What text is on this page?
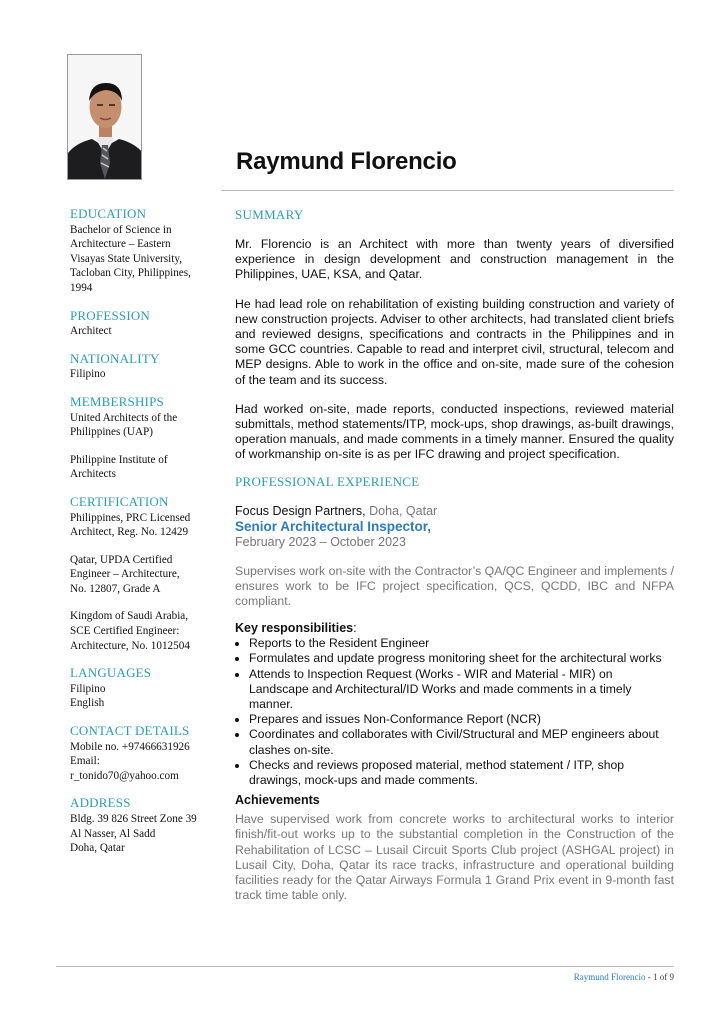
Raymund Florencio
EDUCATION
Bachelor of Science in
Architecture – Eastern
Visayas State University,
Tacloban City, Philippines,
1994
PROFESSION
Architect
NATIONALITY
Filipino
MEMBERSHIPS
United Architects of the
Philippines (UAP)
Philippine Institute of
Architects
CERTIFICATION
Philippines, PRC Licensed
Architect, Reg. No. 12429
Qatar, UPDA Certified
Engineer – Architecture,
No. 12807, Grade A
Kingdom of Saudi Arabia,
SCE Certified Engineer:
Architecture, No. 1012504
LANGUAGES
Filipino
English
CONTACT DETAILS
Mobile no. +97466631926
Email:
r_tonido70@yahoo.com
ADDRESS
Bldg. 39 826 Street Zone 39
Al Nasser, Al Sadd
Doha, Qatar
SUMMARY

Mr. Florencio is an Architect with more than twenty years of diversified experience in design development and construction management in the Philippines, UAE, KSA, and Qatar.

He had lead role on rehabilitation of existing building construction and variety of new construction projects. Adviser to other architects, had translated client briefs and reviewed designs, specifications and contracts in the Philippines and in some GCC countries. Capable to read and interpret civil, structural, telecom and MEP designs. Able to work in the office and on-site, made sure of the cohesion of the team and its success.

Had worked on-site, made reports, conducted inspections, reviewed material submittals, method statements/ITP, mock-ups, shop drawings, as-built drawings, operation manuals, and made comments in a timely manner. Ensured the quality of workmanship on-site is as per IFC drawing and project specification.

PROFESSIONAL EXPERIENCE
Focus Design Partners, Doha, Qatar
Senior Architectural Inspector,
February 2023 – October 2023

Supervises work on-site with the Contractor’s QA/QC Engineer and implements / ensures work to be IFC project specification, QCS, QCDD, IBC and NFPA compliant.

Key responsibilities:
• Reports to the Resident Engineer
• Formulates and update progress monitoring sheet for the architectural works
• Attends to Inspection Request (Works - WIR and Material - MIR) on Landscape and Architectural/ID Works and made comments in a timely manner.
• Prepares and issues Non-Conformance Report (NCR)
• Coordinates and collaborates with Civil/Structural and MEP engineers about clashes on-site.
• Checks and reviews proposed material, method statement / ITP, shop drawings, mock-ups and made comments.
Achievements

Have supervised work from concrete works to architectural works to interior finish/fit-out works up to the substantial completion in the Construction of the Rehabilitation of LCSC – Lusail Circuit Sports Club project (ASHGAL project) in Lusail City, Doha, Qatar its race tracks, infrastructure and operational building facilities ready for the Qatar Airways Formula 1 Grand Prix event in 9-month fast track time table only.

Raymund Florencio - 1 of 9
